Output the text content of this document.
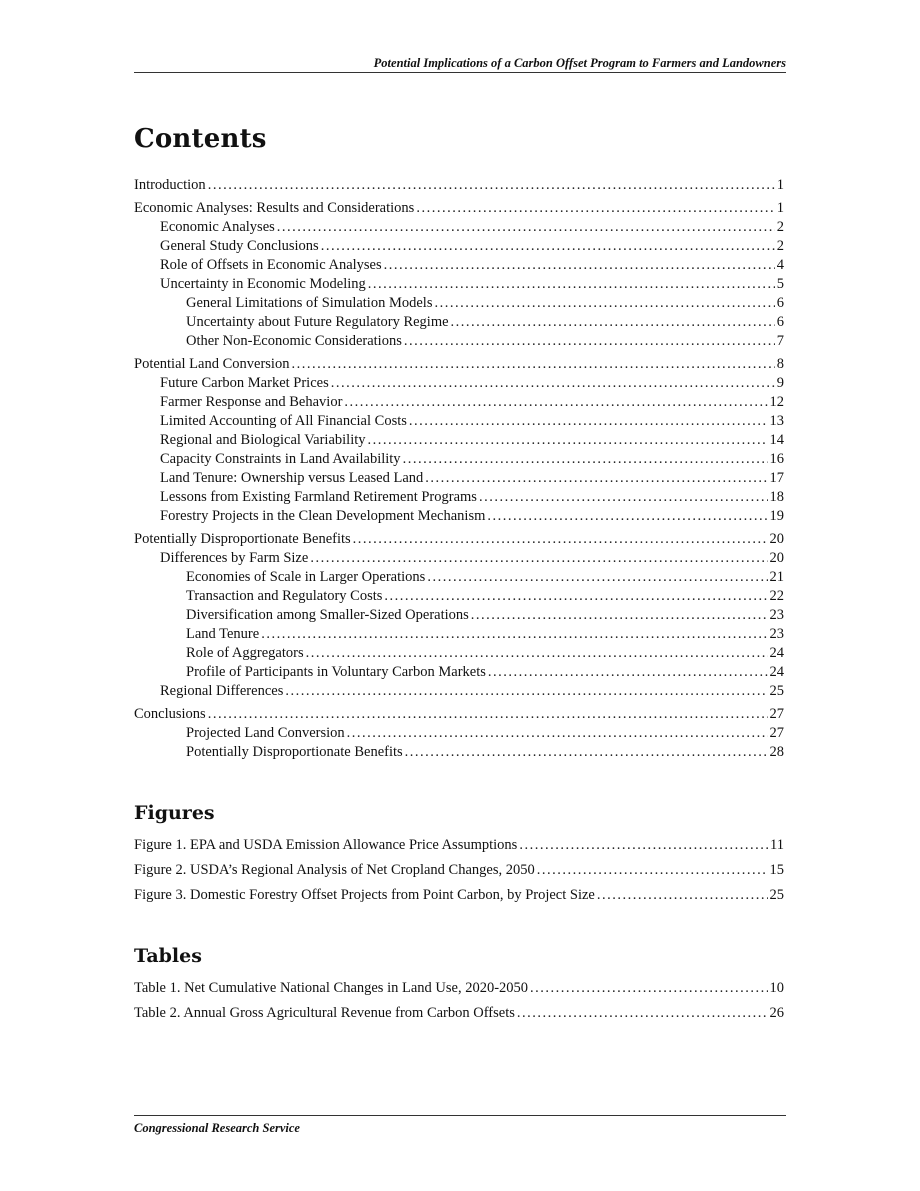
Potential Implications of a Carbon Offset Program to Farmers and Landowners
Contents
Introduction .....	1
Economic Analyses: Results and Considerations .....	1
Economic Analyses .....	2
General Study Conclusions .....	2
Role of Offsets in Economic Analyses .....	4
Uncertainty in Economic Modeling .....	5
General Limitations of Simulation Models .....	6
Uncertainty about Future Regulatory Regime .....	6
Other Non-Economic Considerations .....	7
Potential Land Conversion .....	8
Future Carbon Market Prices .....	9
Farmer Response and Behavior .....	12
Limited Accounting of All Financial Costs .....	13
Regional and Biological Variability .....	14
Capacity Constraints in Land Availability .....	16
Land Tenure: Ownership versus Leased Land .....	17
Lessons from Existing Farmland Retirement Programs .....	18
Forestry Projects in the Clean Development Mechanism .....	19
Potentially Disproportionate Benefits .....	20
Differences by Farm Size .....	20
Economies of Scale in Larger Operations .....	21
Transaction and Regulatory Costs .....	22
Diversification among Smaller-Sized Operations .....	23
Land Tenure .....	23
Role of Aggregators .....	24
Profile of Participants in Voluntary Carbon Markets .....	24
Regional Differences .....	25
Conclusions .....	27
Projected Land Conversion .....	27
Potentially Disproportionate Benefits .....	28
Figures
Figure 1. EPA and USDA Emission Allowance Price Assumptions .....	11
Figure 2. USDA’s Regional Analysis of Net Cropland Changes, 2050 .....	15
Figure 3. Domestic Forestry Offset Projects from Point Carbon, by Project Size .....	25
Tables
Table 1. Net Cumulative National Changes in Land Use, 2020-2050 .....	10
Table 2. Annual Gross Agricultural Revenue from Carbon Offsets .....	26
Congressional Research Service
